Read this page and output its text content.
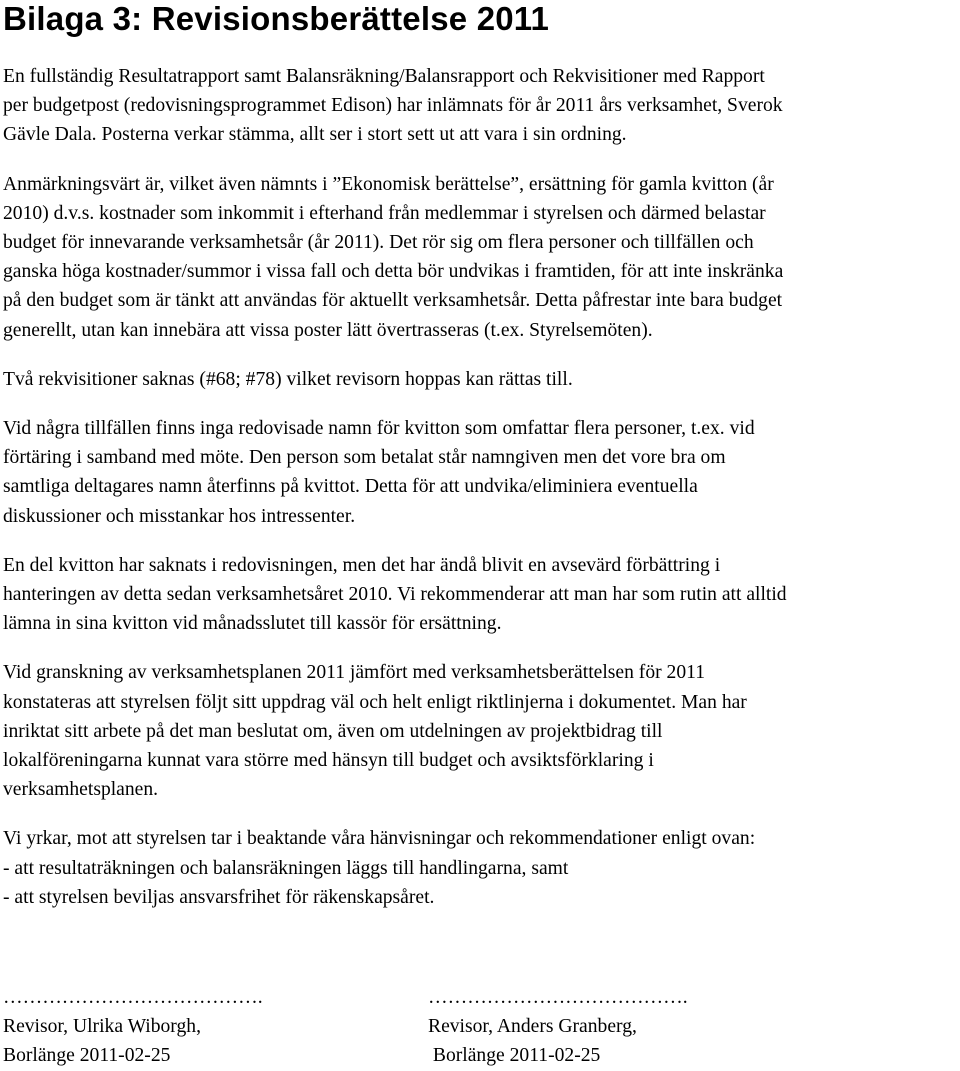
Bilaga 3: Revisionsberättelse 2011

En fullständig Resultatrapport samt Balansräkning/Balansrapport och Rekvisitioner med Rapport
per budgetpost (redovisningsprogrammet Edison) har inlämnats för år 2011 års verksamhet, Sverok
Gävle Dala. Posterna verkar stämma, allt ser i stort sett ut att vara i sin ordning.

Anmärkningsvärt är, vilket även nämnts i ”Ekonomisk berättelse”, ersättning för gamla kvitton (år
2010) d.v.s. kostnader som inkommit i efterhand från medlemmar i styrelsen och därmed belastar
budget för innevarande verksamhetsår (år 2011). Det rör sig om flera personer och tillfällen och
ganska höga kostnader/summor i vissa fall och detta bör undvikas i framtiden, för att inte inskränka
på den budget som är tänkt att användas för aktuellt verksamhetsår. Detta påfrestar inte bara budget
generellt, utan kan innebära att vissa poster lätt övertrasseras (t.ex. Styrelsemöten).

Två rekvisitioner saknas (#68; #78) vilket revisorn hoppas kan rättas till.

Vid några tillfällen finns inga redovisade namn för kvitton som omfattar flera personer, t.ex. vid
förtäring i samband med möte. Den person som betalat står namngiven men det vore bra om
samtliga deltagares namn återfinns på kvittot. Detta för att undvika/eliminiera eventuella
diskussioner och misstankar hos intressenter.

En del kvitton har saknats i redovisningen, men det har ändå blivit en avsevärd förbättring i
hanteringen av detta sedan verksamhetsåret 2010. Vi rekommenderar att man har som rutin att alltid
lämna in sina kvitton vid månadsslutet till kassör för ersättning.

Vid granskning av verksamhetsplanen 2011 jämfört med verksamhetsberättelsen för 2011
konstateras att styrelsen följt sitt uppdrag väl och helt enligt riktlinjerna i dokumentet. Man har
inriktat sitt arbete på det man beslutat om, även om utdelningen av projektbidrag till
lokalföreningarna kunnat vara större med hänsyn till budget och avsiktsförklaring i
verksamhetsplanen.

Vi yrkar, mot att styrelsen tar i beaktande våra hänvisningar och rekommendationer enligt ovan:
- att resultaträkningen och balansräkningen läggs till handlingarna, samt
- att styrelsen beviljas ansvarsfrihet för räkenskapsåret.

………………………………….
Revisor, Ulrika Wiborgh,
Borlänge 2011-02-25
………………………………….
Revisor, Anders Granberg,
Borlänge 2011-02-25
